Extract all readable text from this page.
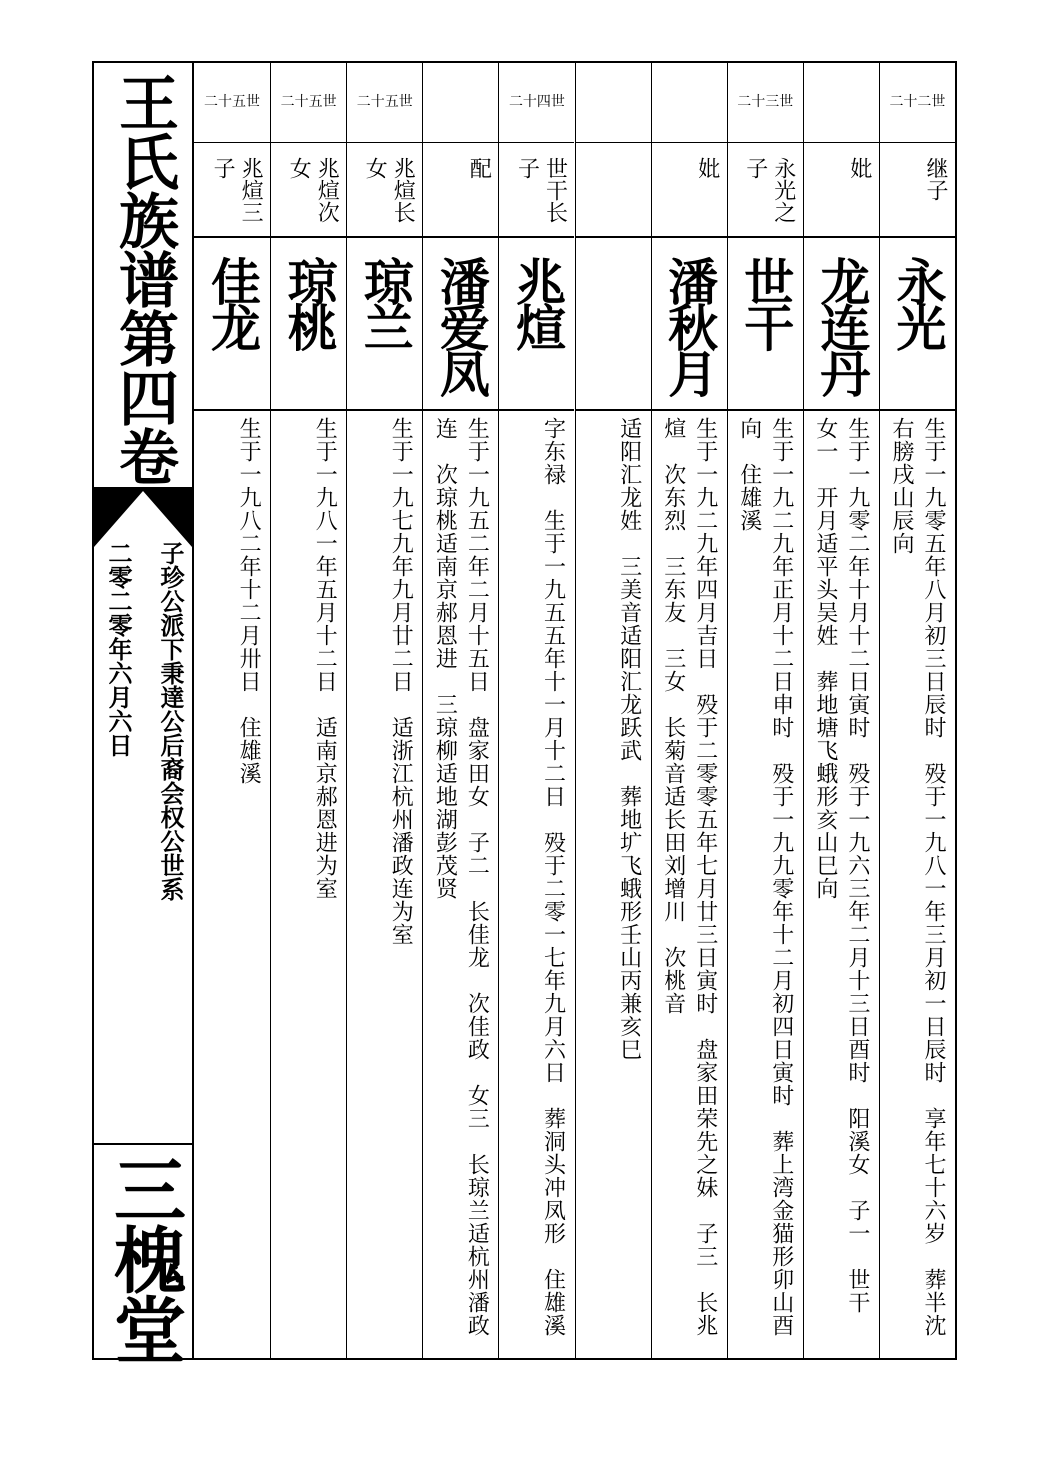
王氏族谱第四卷
子珍公派下秉達公后裔会权公世系
二零二零年六月六日
三槐堂
二十五世
兆煊三子
佳龙
生于一九八二年十二月卅日　住雄溪
二十五世
兆煊次女
琼桃
生于一九八一年五月十二日　适南京郝恩进为室
二十五世
兆煊长女
琼兰
生于一九七九年九月廿二日　适浙江杭州潘政连为室
配
潘爱凤
生于一九五二年二月十五日　盘家田女　子二　长佳龙　次佳政　女三　长琼兰适杭州潘政连　次琼桃适南京郝恩进　三琼柳适地湖彭茂贤
二十四世
世干长子
兆煊
字东禄　生于一九五五年十一月十二日　殁于二零一七年九月六日　葬洞头冲凤形　住雄溪 适阳汇龙姓　三美音适阳汇龙跃武　葬地圹飞蛾形壬山丙兼亥巳
妣
潘秋月
生于一九二九年四月吉日　殁于二零零五年七月廿三日寅时　盘家田荣先之妹　子三　长兆煊　次东烈　三东友　三女　长菊音适长田刘增川　次桃音
二十三世
永光之子
世干
生于一九二九年正月十二日申时　殁于一九九零年十二月初四日寅时　葬上湾金猫形卯山酉向　住雄溪
妣
龙连丹
生于一九零二年十月十二日寅时　殁于一九六三年二月十三日酉时　阳溪女　子一　世干　女一　开月适平头吴姓　葬地塘飞蛾形亥山巳向
二十二世
继子
永光
生于一九零五年八月初三日辰时　殁于一九八一年三月初一日辰时　享年七十六岁　葬半沈右膀戌山辰向
